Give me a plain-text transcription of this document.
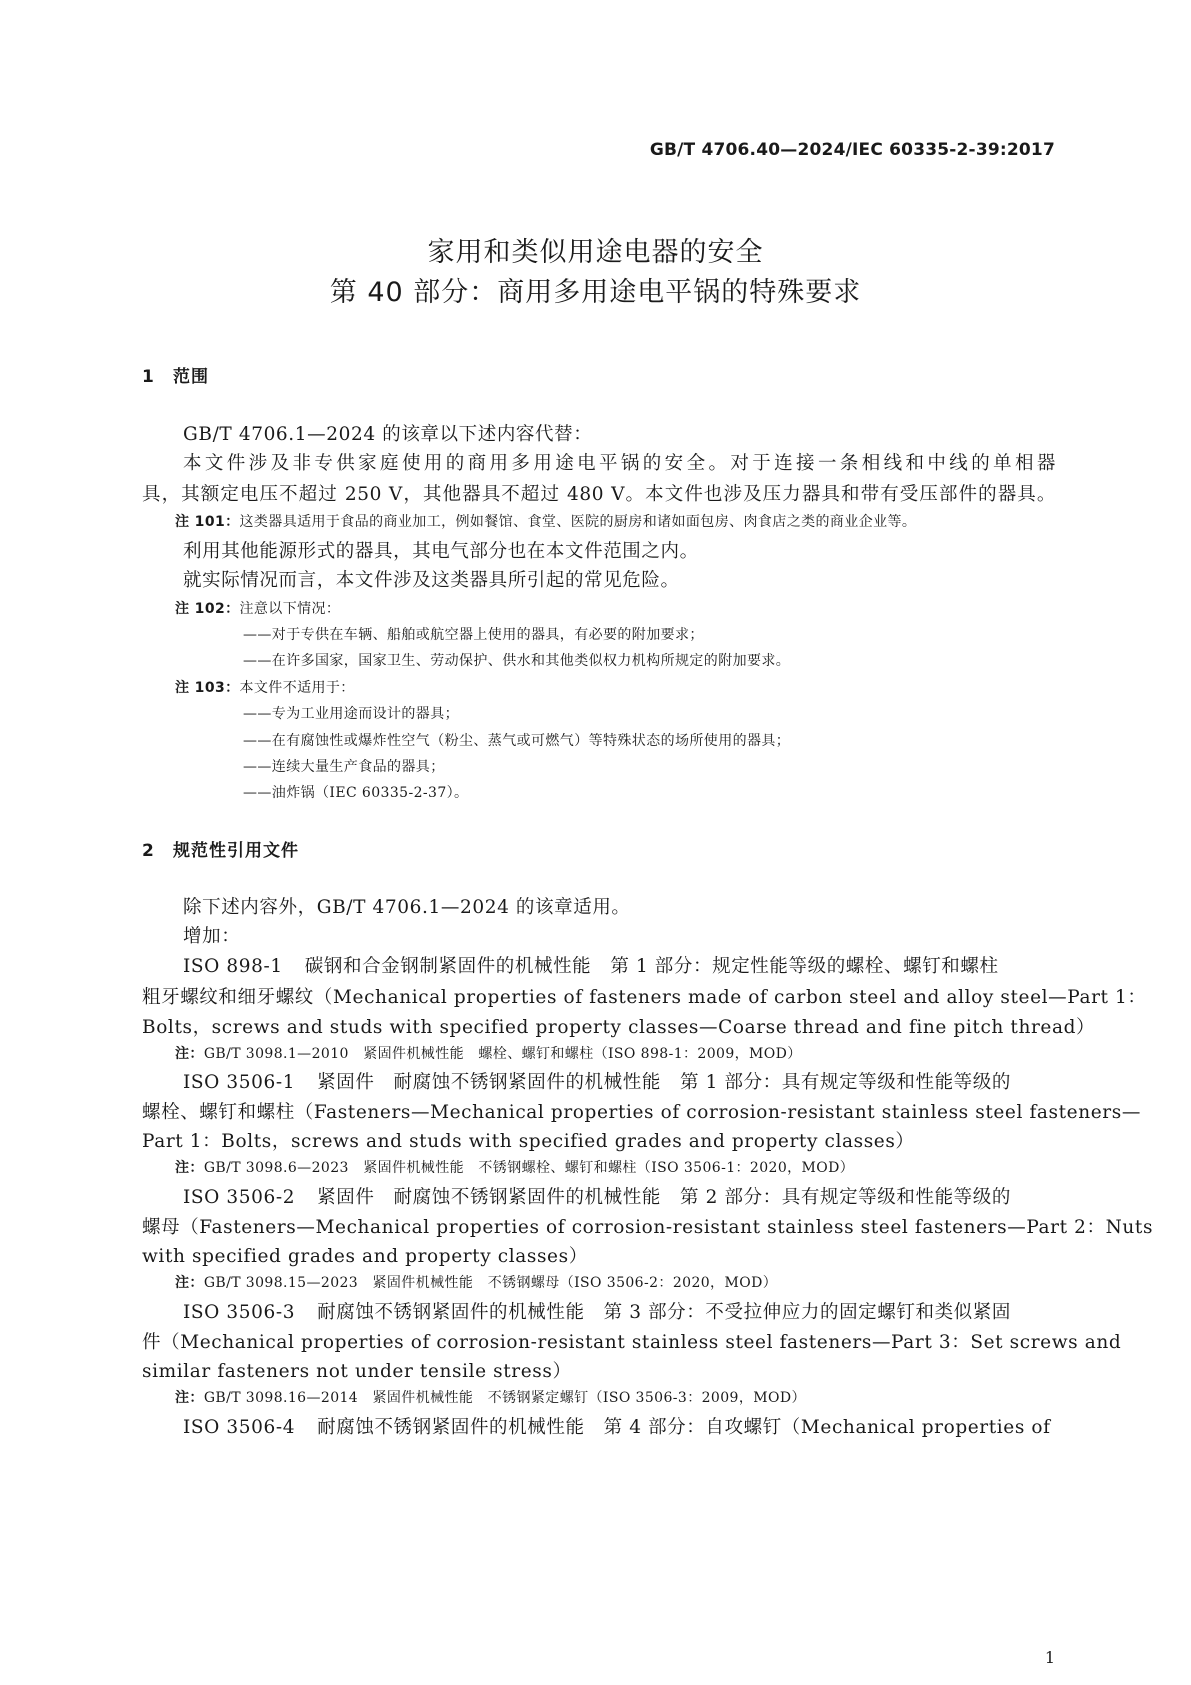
GB/T 4706.40—2024/IEC 60335-2-39:2017
家用和类似用途电器的安全
第 40 部分：商用多用途电平锅的特殊要求
1 范围
GB/T 4706.1—2024 的该章以下述内容代替：
本文件涉及非专供家庭使用的商用多用途电平锅的安全。对于连接一条相线和中线的单相器
具，其额定电压不超过 250 V，其他器具不超过 480 V。本文件也涉及压力器具和带有受压部件的器具。
注 101：这类器具适用于食品的商业加工，例如餐馆、食堂、医院的厨房和诸如面包房、肉食店之类的商业企业等。
利用其他能源形式的器具，其电气部分也在本文件范围之内。
就实际情况而言，本文件涉及这类器具所引起的常见危险。
注 102：注意以下情况：
——对于专供在车辆、船舶或航空器上使用的器具，有必要的附加要求；
——在许多国家，国家卫生、劳动保护、供水和其他类似权力机构所规定的附加要求。
注 103：本文件不适用于：
——专为工业用途而设计的器具；
——在有腐蚀性或爆炸性空气（粉尘、蒸气或可燃气）等特殊状态的场所使用的器具；
——连续大量生产食品的器具；
——油炸锅（IEC 60335-2-37）。
2 规范性引用文件
除下述内容外，GB/T 4706.1—2024 的该章适用。
增加：
ISO 898-1 碳钢和合金钢制紧固件的机械性能　第 1 部分：规定性能等级的螺栓、螺钉和螺柱
粗牙螺纹和细牙螺纹（Mechanical properties of fasteners made of carbon steel and alloy steel—Part 1：
Bolts，screws and studs with specified property classes—Coarse thread and fine pitch thread）
注：GB/T 3098.1—2010　紧固件机械性能　螺栓、螺钉和螺柱（ISO 898-1：2009，MOD）
ISO 3506-1 紧固件　耐腐蚀不锈钢紧固件的机械性能　第 1 部分：具有规定等级和性能等级的
螺栓、螺钉和螺柱（Fasteners—Mechanical properties of corrosion-resistant stainless steel fasteners—
Part 1：Bolts，screws and studs with specified grades and property classes）
注：GB/T 3098.6—2023　紧固件机械性能　不锈钢螺栓、螺钉和螺柱（ISO 3506-1：2020，MOD）
ISO 3506-2 紧固件　耐腐蚀不锈钢紧固件的机械性能　第 2 部分：具有规定等级和性能等级的
螺母（Fasteners—Mechanical properties of corrosion-resistant stainless steel fasteners—Part 2：Nuts
with specified grades and property classes）
注：GB/T 3098.15—2023　紧固件机械性能　不锈钢螺母（ISO 3506-2：2020，MOD）
ISO 3506-3 耐腐蚀不锈钢紧固件的机械性能　第 3 部分：不受拉伸应力的固定螺钉和类似紧固
件（Mechanical properties of corrosion-resistant stainless steel fasteners—Part 3：Set screws and
similar fasteners not under tensile stress）
注：GB/T 3098.16—2014　紧固件机械性能　不锈钢紧定螺钉（ISO 3506-3：2009，MOD）
ISO 3506-4 耐腐蚀不锈钢紧固件的机械性能　第 4 部分：自攻螺钉（Mechanical properties of
1
